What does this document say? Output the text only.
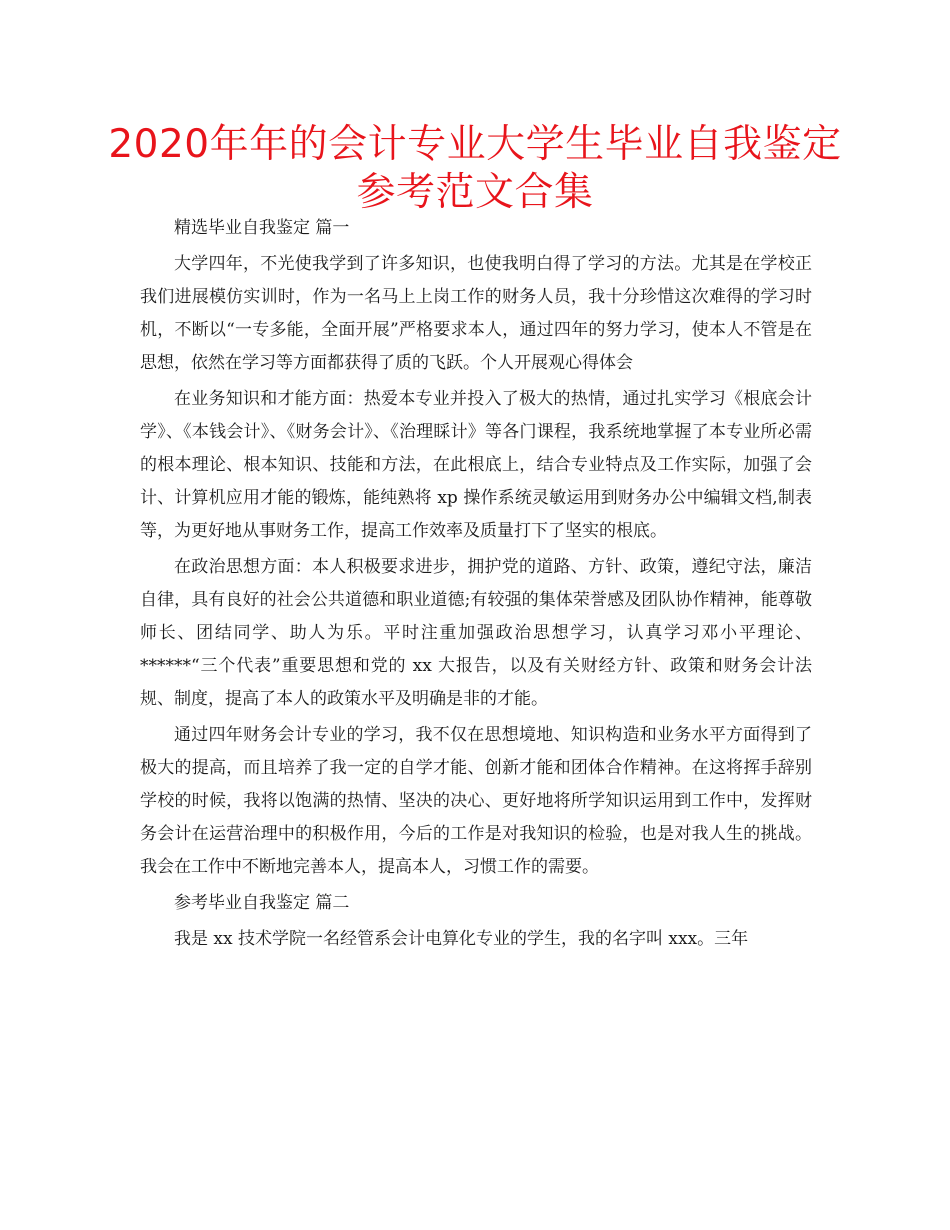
2020年年的会计专业大学生毕业自我鉴定
参考范文合集

精选毕业自我鉴定 篇一

大学四年，不光使我学到了许多知识，也使我明白得了学习的方法。尤其是在学校正我们进展模仿实训时，作为一名马上上岗工作的财务人员，我十分珍惜这次难得的学习时机，不断以“一专多能，全面开展”严格要求本人，通过四年的努力学习，使本人不管是在思想，依然在学习等方面都获得了质的飞跃。个人开展观心得体会

在业务知识和才能方面：热爱本专业并投入了极大的热情，通过扎实学习《根底会计学》、《本钱会计》、《财务会计》、《治理睬计》等各门课程，我系统地掌握了本专业所必需的根本理论、根本知识、技能和方法，在此根底上，结合专业特点及工作实际，加强了会计、计算机应用才能的锻炼，能纯熟将 xp 操作系统灵敏运用到财务办公中编辑文档,制表等，为更好地从事财务工作，提高工作效率及质量打下了坚实的根底。

在政治思想方面：本人积极要求进步，拥护党的道路、方针、政策，遵纪守法，廉洁自律，具有良好的社会公共道德和职业道德;有较强的集体荣誉感及团队协作精神，能尊敬师长、团结同学、助人为乐。平时注重加强政治思想学习，认真学习邓小平理论、******“三个代表”重要思想和党的 xx 大报告，以及有关财经方针、政策和财务会计法规、制度，提高了本人的政策水平及明确是非的才能。

通过四年财务会计专业的学习，我不仅在思想境地、知识构造和业务水平方面得到了极大的提高，而且培养了我一定的自学才能、创新才能和团体合作精神。在这将挥手辞别学校的时候，我将以饱满的热情、坚决的决心、更好地将所学知识运用到工作中，发挥财务会计在运营治理中的积极作用，今后的工作是对我知识的检验，也是对我人生的挑战。我会在工作中不断地完善本人，提高本人，习惯工作的需要。

参考毕业自我鉴定 篇二

我是 xx 技术学院一名经管系会计电算化专业的学生，我的名字叫 xxx。三年
